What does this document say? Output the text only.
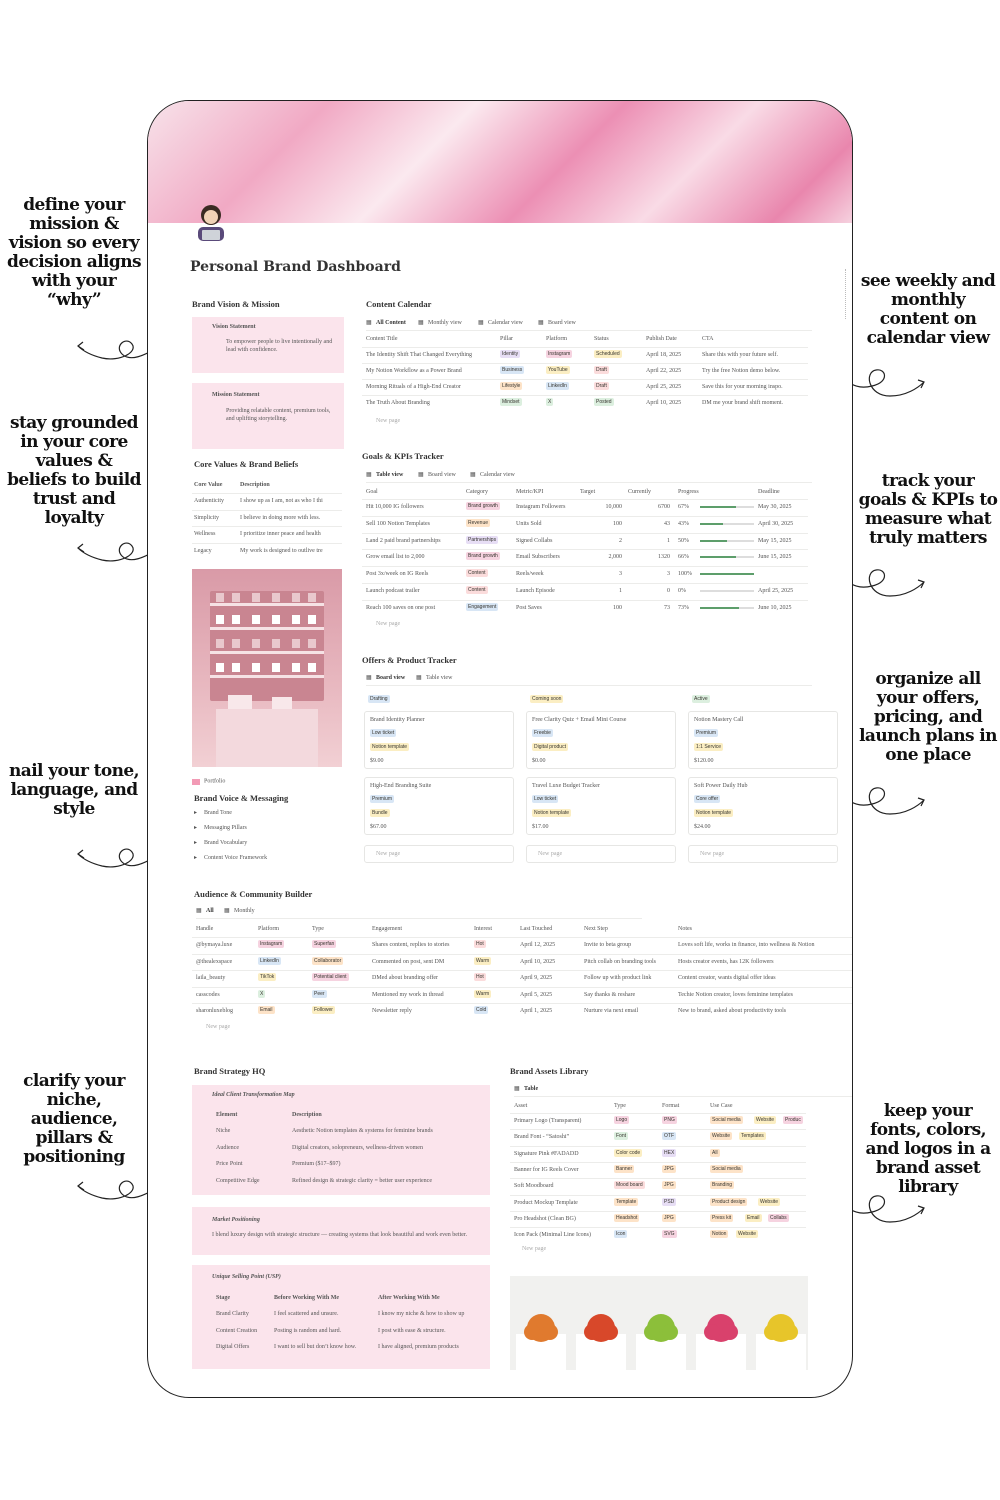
define your mission & vision so every decision aligns with your “why”
stay grounded in your core values & beliefs to build trust and loyalty
nail your tone, language, and style
clarify your niche, audience, pillars & positioning
see weekly and monthly content on calendar view
track your goals & KPIs to measure what truly matters
organize all your offers, pricing, and launch plans in one place
keep your fonts, colors, and logos in a brand asset library
Personal Brand Dashboard
Brand Vision & Mission
Vision Statement
To empower people to live intentionally and lead with confidence.
Mission Statement
Providing relatable content, premium tools, and uplifting storytelling.
Core Values & Brand Beliefs
Core Value	Description
Authenticity	I show up as I am, not as who I thi
Simplicity	I believe in doing more with less.
Wellness	I prioritize inner peace and health
Legacy	My work is designed to outlive tre
Portfolio
Brand Voice & Messaging
▸ Brand Tone
▸ Messaging Pillars
▸ Brand Vocabulary
▸ Content Voice Framework
Content Calendar
▦ All Content	▦ Monthly view	▦ Calendar view	▦ Board view
Content Title	Pillar	Platform	Status	Publish Date	CTA
The Identity Shift That Changed Everything	Identity	Instagram	Scheduled	April 18, 2025	Share this with your future self.
My Notion Workflow as a Power Brand	Business	YouTube	Draft	April 22, 2025	Try the free Notion demo below.
Morning Rituals of a High-End Creator	Lifestyle	LinkedIn	Draft	April 25, 2025	Save this for your morning inspo.
The Truth About Branding	Mindset	X	Posted	April 10, 2025	DM me your brand shift moment.
New page
Goals & KPIs Tracker
▦ Table view	▦ Board view	▦ Calendar view
Goal	Category	Metric/KPI	Target	Currently	Progress	Deadline
Hit 10,000 IG followers	Brand growth	Instagram Followers	10,000	6700 67%	May 30, 2025
Sell 100 Notion Templates	Revenue	Units Sold	100	43 43%	April 30, 2025
Land 2 paid brand partnerships	Partnerships	Signed Collabs	2	1 50%	May 15, 2025
Grow email list to 2,000	Brand growth	Email Subscribers	2,000	1320 66%	June 15, 2025
Post 3x/week on IG Reels	Content	Reels/week	3	3 100%
Launch podcast trailer	Content	Launch Episode	1	0 0%	April 25, 2025
Reach 100 saves on one post	Engagement	Post Saves	100	73 73%	June 10, 2025
New page
Offers & Product Tracker
▦ Board view	▦ Table view
Drafting
Brand Identity Planner
Low ticket
Notion template
$9.00
High-End Branding Suite
Premium
Bundle
$67.00
New page
Coming soon
Free Clarity Quiz + Email Mini Course
Freebie
Digital product
$0.00
Travel Luxe Budget Tracker
Low ticket
Notion template
$17.00
New page
Active
Notion Mastery Call
Premium
1:1 Service
$120.00
Soft Power Daily Hub
Core offer
Notion template
$24.00
New page
Audience & Community Builder
▦ All	▦ Monthly
Handle	Platform	Type	Engagement	Interest	Last Touched	Next Step	Notes
@bymaya.luxe	Instagram	Superfan	Shares content, replies to stories	Hot	April 12, 2025	Invite to beta group	Loves soft life, works in finance, into wellness & Notion
@thealexspace	LinkedIn	Collaborator	Commented on post, sent DM	Warm	April 10, 2025	Pitch collab on branding tools	Hosts creator events, has 12K followers
laila_beauty	TikTok	Potential client	DMed about branding offer	Hot	April 9, 2025	Follow up with product link	Content creator, wants digital offer ideas
casscodes	X	Peer	Mentioned my work in thread	Warm	April 5, 2025	Say thanks & reshare	Techie Notion creator, loves feminine templates
sharonluxeblog	Email	Follower	Newsletter reply	Cold	April 1, 2025	Nurture via next email	New to brand, asked about productivity tools
New page
Brand Strategy HQ
Ideal Client Transformation Map
Element	Description
Niche	Aesthetic Notion templates & systems for feminine brands
Audience	Digital creators, solopreneurs, wellness-driven women
Price Point	Premium ($17–$97)
Competitive Edge	Refined design & strategic clarity = better user experience
Market Positioning
I blend luxury design with strategic structure — creating systems that look beautiful and work even better.
Unique Selling Point (USP)
Stage	Before Working With Me	After Working With Me
Brand Clarity	I feel scattered and unsure.	I know my niche & how to show up
Content Creation	Posting is random and hard.	I post with ease & structure.
Digital Offers	I want to sell but don’t know how.	I have aligned, premium products
Brand Assets Library
▦ Table
Asset	Type	Format	Use Case
Primary Logo (Transparent)	Logo	PNG	Social media	Website	Produc
Brand Font - “Satoshi”	Font	OTF	Website	Templates
Signature Pink #FADADD	Color code	HEX	All
Banner for IG Reels Cover	Banner	JPG	Social media
Soft Moodboard	Mood board	JPG	Branding
Product Mockup Template	Template	PSD	Product design	Website
Pro Headshot (Clean BG)	Headshot	JPG	Press kit	Email	Collabs
Icon Pack (Minimal Line Icons)	Icon	SVG	Notion	Website
New page
